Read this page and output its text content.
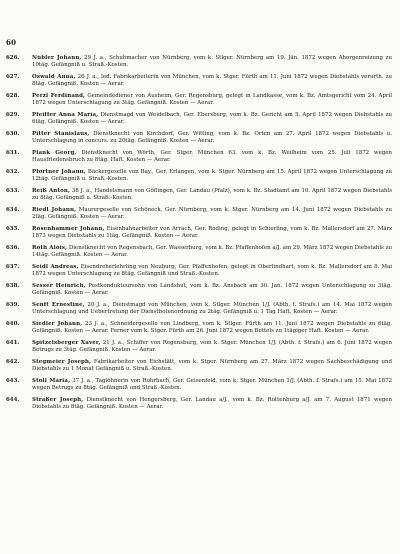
60
626.	Nübler Johann, 29 J. a., Schuhmacher von Nürnberg, vom k. Stlger. Nürnberg am 19. Jän. 1872 wegen Ahorgenreizung zu 10täg. Gefängniß u. Straß.-Kosten.
627.	Oswald Anna, 26 J. a., led. Fabrikarbeiterin von München, vom k. Stger. Fürth am 11. Juni 1872 wegen Diebstahls verurth. zu 8täg. Gefängniß. Kosten — Aerar.
628.	Perzl Ferdinand, Gemeindediener von Ausheim, Ger. Regensburg, gelegt in Landkasse, vom k. Bz. Amtsgericht vom 24. April 1872 wegen Unterschlagung zu 3täg. Gefängniß. Kosten — Aerar.
629.	Pfeiffer Anna Maria, Dienstmagd von Weidelbach, Ger. Ebersberg, vom k. Bz. Gericht am 5. April 1872 wegen Diebstahls zu 6täg. Gefängniß. Kosten — Aerar.
630.	Pitter Stanislaus, Dienstknecht von Kirchdorf, Ger. Witting, vom k. Bz. Orten am 27. April 1872 wegen Diebstahls u. Unterschlagung in concurs. zu 20täg. Gefängniß. Kosten — Aerar.
631.	Plank Georg, Dienstknecht von Wörth, Ger. Stger. München 63. vom k. Bz. Weilheim vom 25. Juli 1872 wegen Hausfriedensbruch zu 8täg. Haft. Kosten — Aerar.
632.	Pförtner Johann, Bäckergeselle von Bay., Ger. Erlangen, vom k. Stger. Nürnberg am 15. April 1872 wegen Unterschlagung zu 12täg. Gefängniß u. Straß.-Kosten.
633.	Reiß Anton, 38 J. a., Handelsmann von Göflingen, Ger. Landau (Pfalz), vom k. Bz. Stadtamt am 10. April 1872 wegen Diebstahls zu 8täg. Gefängniß u. Straß.-Kosten.
634.	Riedl Johann, Maurergeselle von Schöneck, Ger. Nürnberg, vom k. Stger. Nürnberg am 14. Juni 1872 wegen Diebstahls zu 2täg. Gefängniß. Kosten — Aerar.
635.	Rosenhammer Johann, Eisenbahnarbeiter von Arrach, Ger. Roding, gelegt in Schierling, vom k. Bz. Mallersdorf am 27. März 1873 wegen Diebstahls zu 1täg. Gefängniß. Kosten — Aerar.
636.	Roth Alois, Dienstknecht von Regensbach, Ger. Wasserburg, vom k. Bz. Pfaffenhofen a/J. am 29. März 1872 wegen Diebstahls zu 14täg. Gefängniß. Kosten — Aerar.
637.	Seidl Andreas, Eisendreherlehrling von Neuburg, Ger. Pfaffenhofen, gelegt in Oberlindhart, vom k. Bz. Mallersdorf am 8. Mai 1872 wegen Unterschlagung zu 8täg. Gefängniß und Straß.-Kosten.
638.	Sesser Heinrich, Postkondukteursohn von Landshut, vom k. Bz. Ansbach am 30. Jan. 1872 wegen Unterschlagung zu 3täg. Gefängniß. Kosten — Aerar.
639.	Senft Ernestine, 20 J. a., Dienstmagd von München, vom k. Stlger. München 1/J. (Abth. f. Strafs.) am 14. Mai 1872 wegen Unterschlagung und Uebertretung der Dienstbotenordnung zu 2täg. Gefängniß u. 1 Tag Haft. Kosten — Aerar.
640.	Siedler Johann, 23 J. a., Schneidergeselle von Lindberg, vom k. Stlger. Fürth am 11. Juni 1872 wegen Diebstahls zu 6täg. Gefängniß. Kosten — Aerar. Ferner vom k. Stger. Fürth am 26. Juni 1872 wegen Bettels zu 1tägiger Haft. Kosten — Aerar.
641.	Spitzelsberger Xaver, 21 J. a., Schiffer von Regensburg, vom k. Stger. München 1/J. (Abth. f. Strafs.) am 6. Juni 1872 wegen Betrugs zu 3täg. Gefängniß. Kosten — Aerar.
642.	Stegmeier Joseph, Fabrikarbeiter von Eichstätt, vom k. Stger. Nürnberg am 27. März 1872 wegen Sachbeschädigung und Diebstahls zu 1 Monat Gefängniß u. Straß.-Kosten.
643.	Stoll Maria, 37 J. a., Taglöhnerin von Rohrbach, Ger. Geisenfeld, vom k. Stger. München 1/J. (Abth. f. Strafs.) am 15. Mai 1872 wegen Betrugs zu 8täg. Gefängniß und Straß.-Kosten.
644.	Straßer Joseph, Dienstknecht von Hengersberg, Ger. Landau a/J., vom k. Bz. Rottenburg a/J. am 7. August 1871 wegen Diebstahls zu 8täg. Gefängniß. Kosten — Aerar.
